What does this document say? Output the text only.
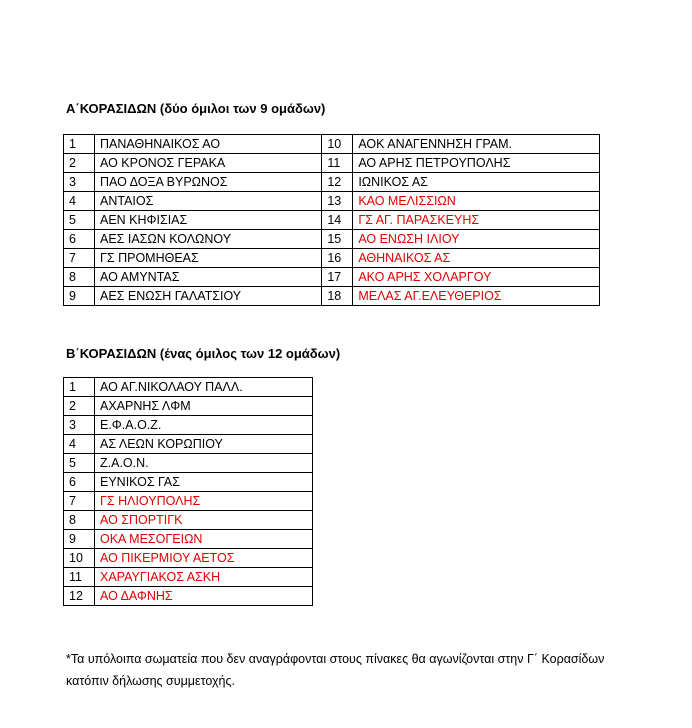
Α΄ΚΟΡΑΣΙΔΩΝ (δύο όμιλοι των 9 ομάδων)

1	ΠΑΝΑΘΗΝΑΙΚΟΣ ΑΟ	10	ΑΟΚ ΑΝΑΓΕΝΝΗΣΗ ΓΡΑΜ.
2	ΑΟ ΚΡΟΝΟΣ ΓΕΡΑΚΑ	11	ΑΟ ΑΡΗΣ ΠΕΤΡΟΥΠΟΛΗΣ
3	ΠΑΟ ΔΟΞΑ ΒΥΡΩΝΟΣ	12	ΙΩΝΙΚΟΣ ΑΣ
4	ΑΝΤΑΙΟΣ	13	ΚΑΟ ΜΕΛΙΣΣΙΩΝ
5	ΑΕΝ ΚΗΦΙΣΙΑΣ	14	ΓΣ ΑΓ. ΠΑΡΑΣΚΕΥΗΣ
6	ΑΕΣ ΙΑΣΩΝ ΚΟΛΩΝΟΥ	15	ΑΟ ΕΝΩΣΗ ΙΛΙΟΥ
7	ΓΣ ΠΡΟΜΗΘΕΑΣ	16	ΑΘΗΝΑΙΚΟΣ ΑΣ
8	ΑΟ ΑΜΥΝΤΑΣ	17	ΑΚΟ ΑΡΗΣ ΧΟΛΑΡΓΟΥ
9	ΑΕΣ ΕΝΩΣΗ ΓΑΛΑΤΣΙΟΥ	18	ΜΕΛΑΣ ΑΓ.ΕΛΕΥΘΕΡΙΟΣ

Β΄ΚΟΡΑΣΙΔΩΝ (ένας όμιλος των 12 ομάδων)

1	ΑΟ ΑΓ.ΝΙΚΟΛΑΟΥ ΠΑΛΛ.
2	ΑΧΑΡΝΗΣ ΛΦΜ
3	Ε.Φ.Α.Ο.Ζ.
4	ΑΣ ΛΕΩΝ ΚΟΡΩΠΙΟΥ
5	Ζ.Α.Ο.Ν.
6	ΕΥΝΙΚΟΣ ΓΑΣ
7	ΓΣ ΗΛΙΟΥΠΟΛΗΣ
8	ΑΟ ΣΠΟΡΤΙΓΚ
9	ΟΚΑ ΜΕΣΟΓΕΙΩΝ
10	ΑΟ ΠΙΚΕΡΜΙΟΥ ΑΕΤΟΣ
11	ΧΑΡΑΥΓΙΑΚΟΣ ΑΣΚΗ
12	ΑΟ ΔΑΦΝΗΣ

*Τα υπόλοιπα σωματεία που δεν αναγράφονται στους πίνακες θα αγωνίζονται στην Γ΄ Κορασίδων κατόπιν δήλωσης συμμετοχής.
